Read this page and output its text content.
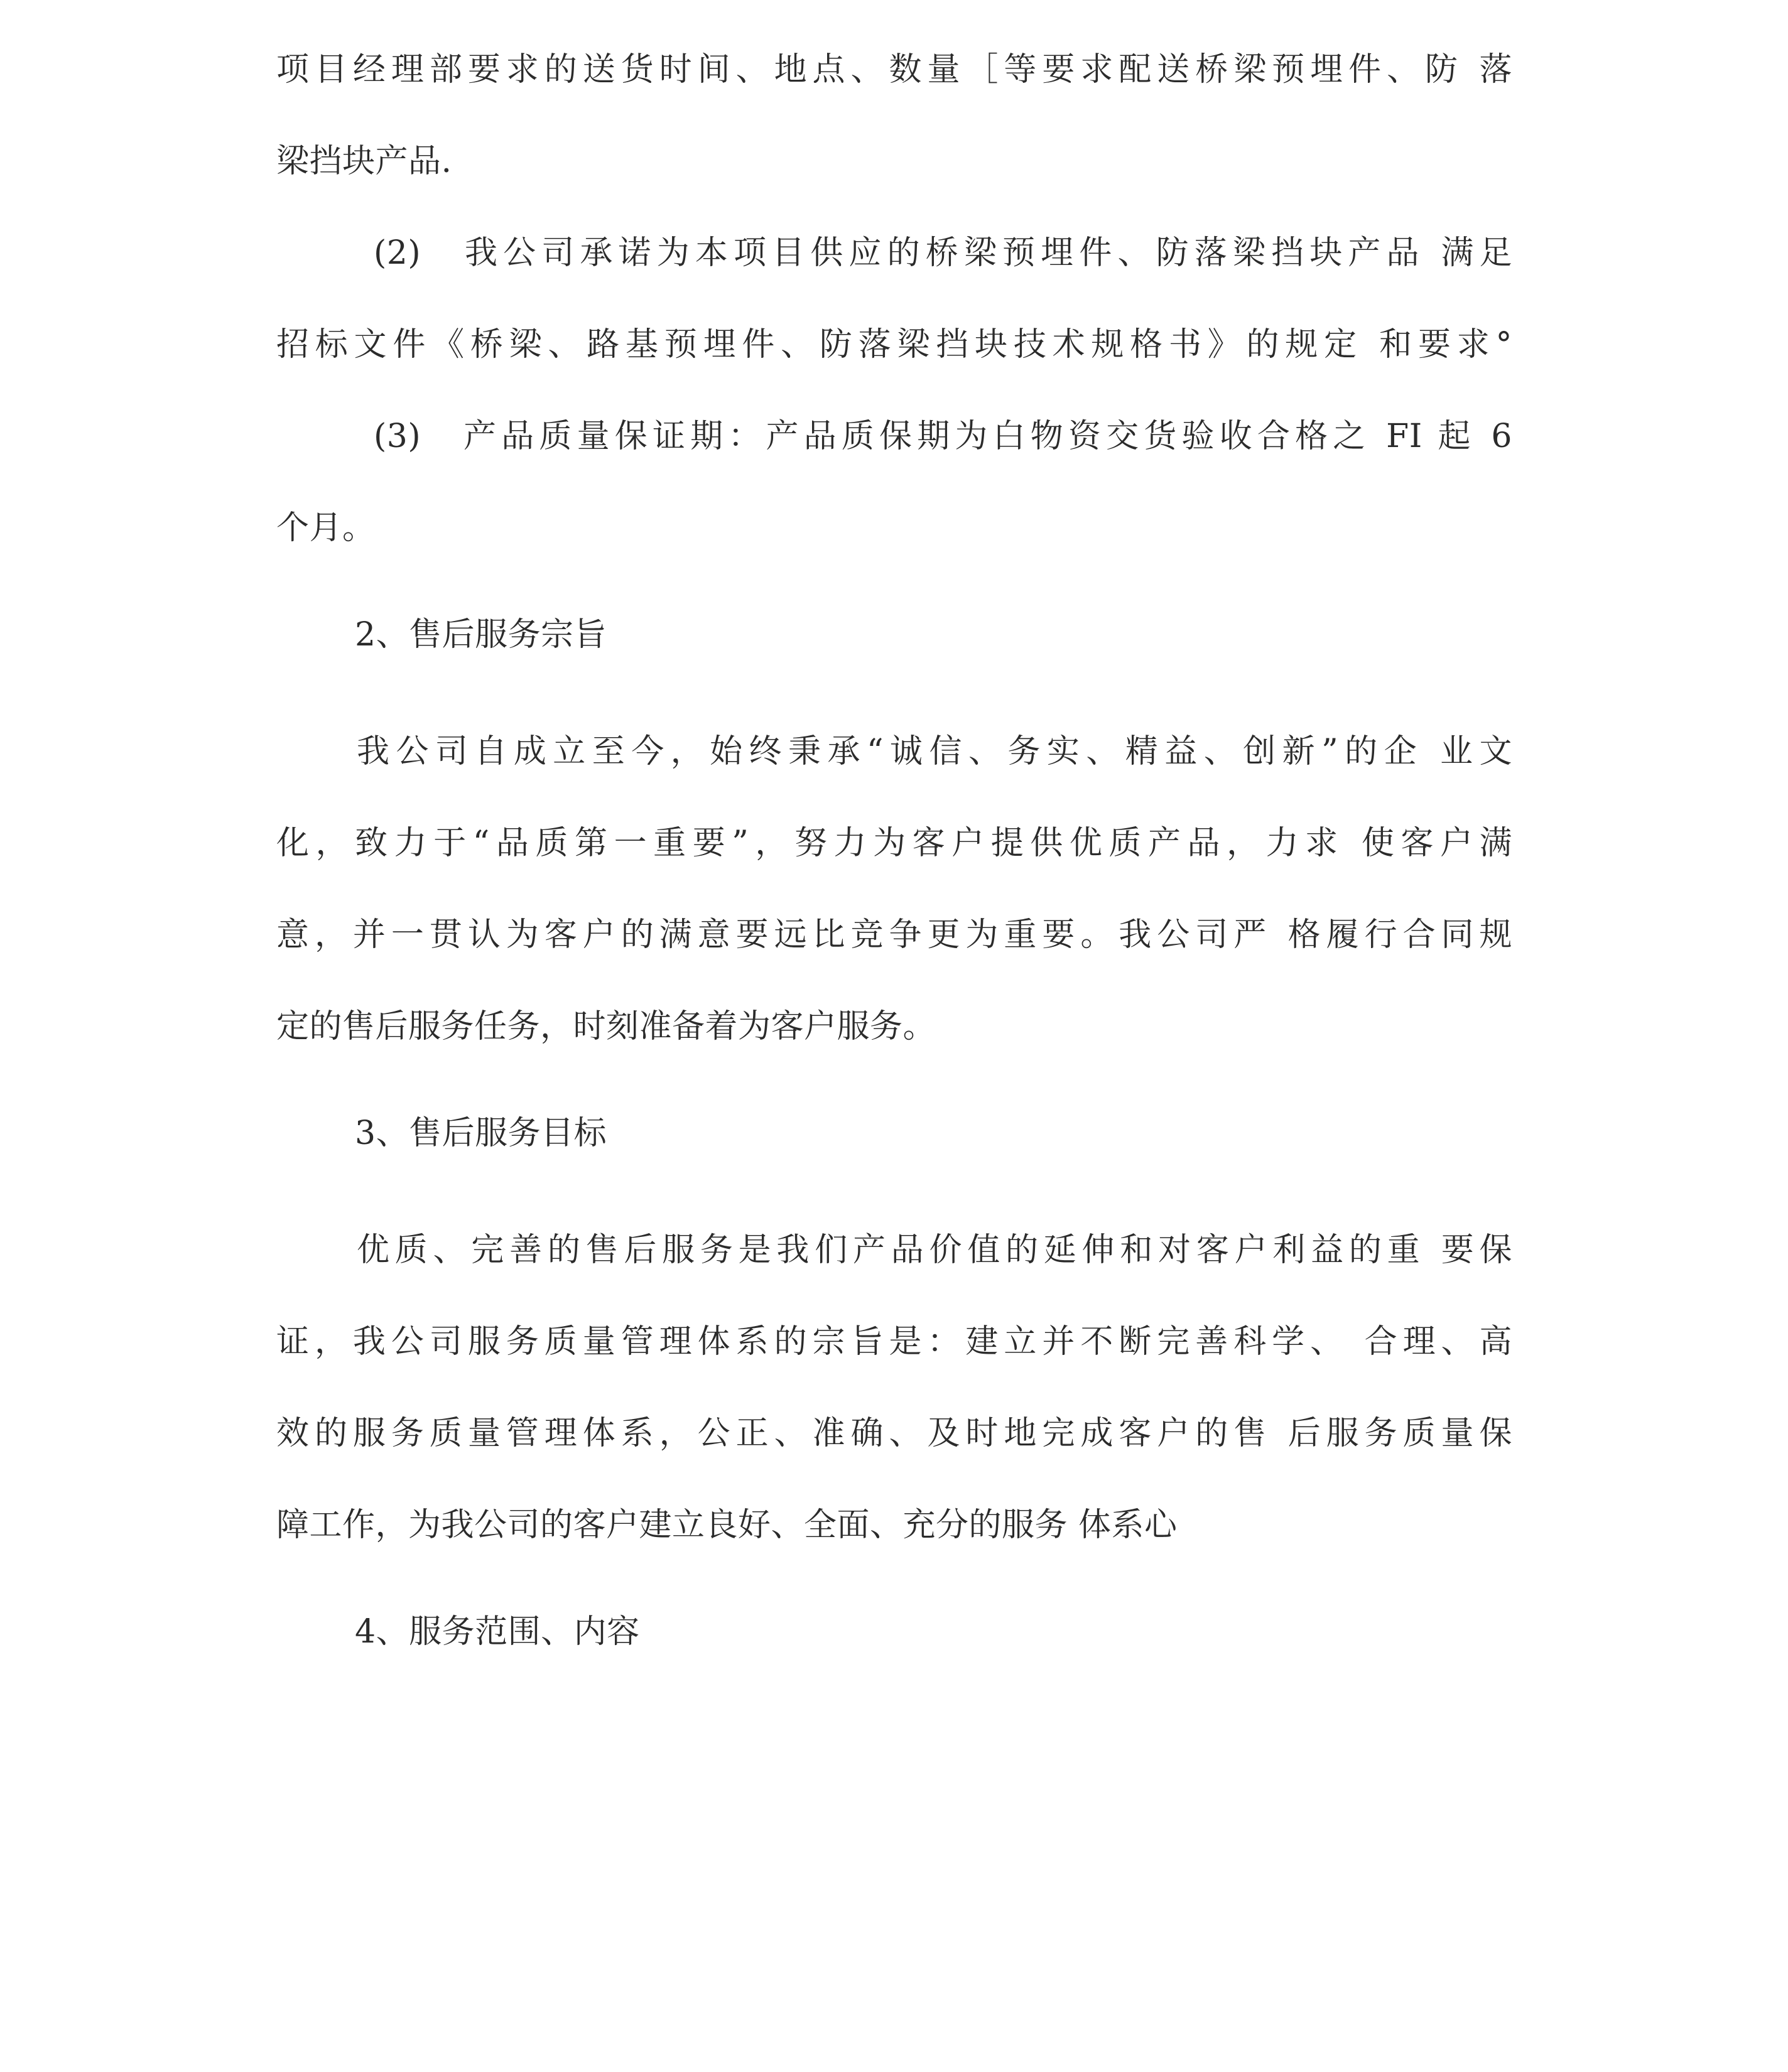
项目经理部要求的送货时间、地点、数量［等要求配送桥梁预埋件、防 落
梁挡块产品.
(2)　我公司承诺为本项目供应的桥梁预埋件、防落梁挡块产品 满足
招标文件《桥梁、路基预埋件、防落梁挡块技术规格书》的规定 和要求°
(3)　产品质量保证期：产品质保期为白物资交货验收合格之 FI 起 6
个月。
2、售后服务宗旨
我公司自成立至今，始终秉承“诚信、务实、精益、创新”的企 业文
化，致力于“品质第一重要”，努力为客户提供优质产品，力求 使客户满
意，并一贯认为客户的满意要远比竞争更为重要。我公司严 格履行合同规
定的售后服务任务，时刻准备着为客户服务。
3、售后服务目标
优质、完善的售后服务是我们产品价值的延伸和对客户利益的重 要保
证，我公司服务质量管理体系的宗旨是：建立并不断完善科学、 合理、高
效的服务质量管理体系，公正、准确、及时地完成客户的售 后服务质量保
障工作，为我公司的客户建立良好、全面、充分的服务 体系心
4、服务范围、内容
